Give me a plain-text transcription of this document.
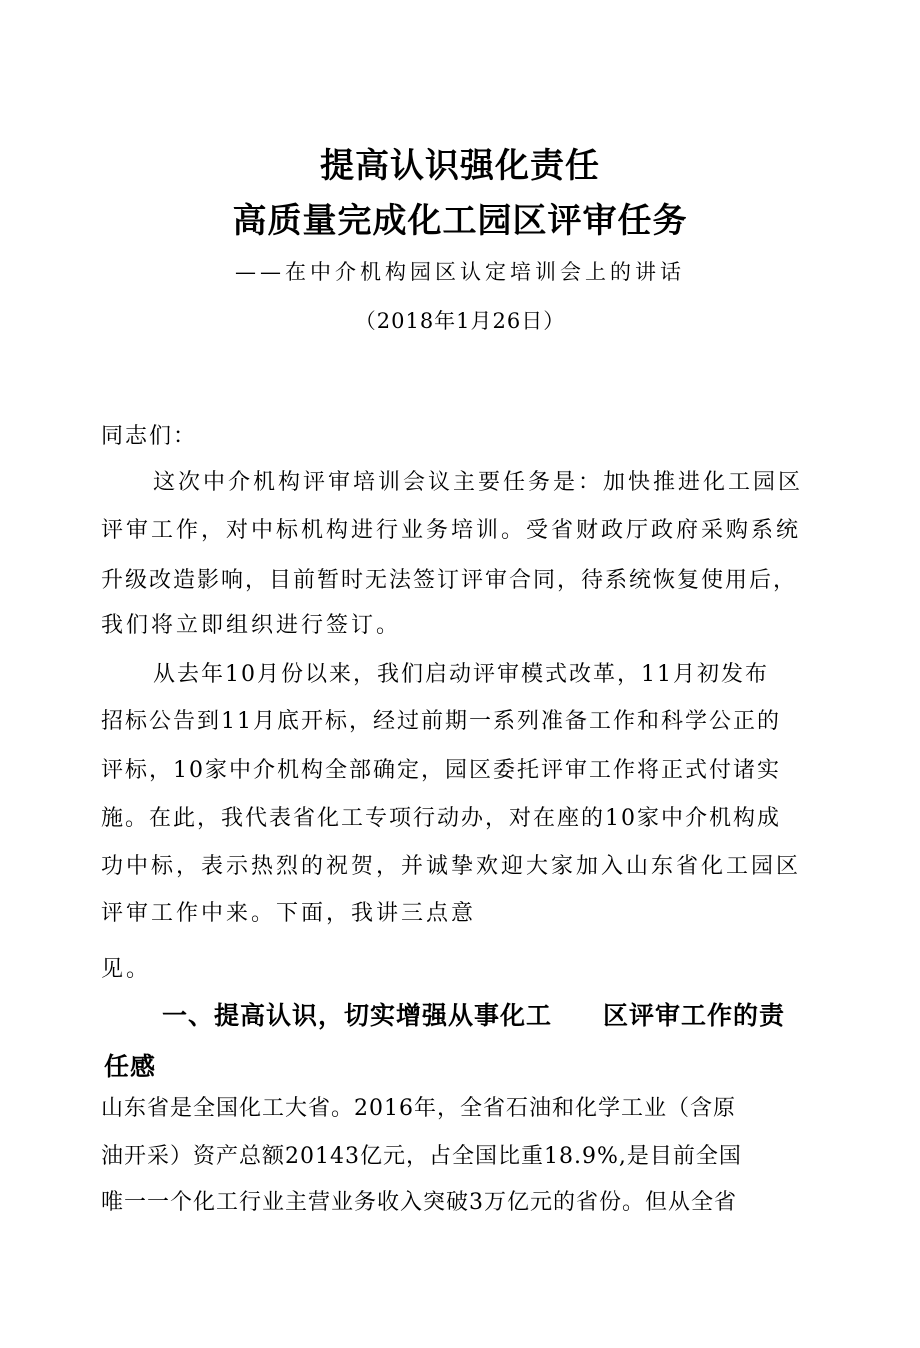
提高认识强化责任
高质量完成化工园区评审任务
——在中介机构园区认定培训会上的讲话
（2018年1月26日）
同志们：
这次中介机构评审培训会议主要任务是：加快推进化工园区
评审工作，对中标机构进行业务培训。受省财政厅政府采购系统
升级改造影响，目前暂时无法签订评审合同，待系统恢复使用后，
我们将立即组织进行签订。
从去年10月份以来，我们启动评审模式改革，11月初发布
招标公告到11月底开标，经过前期一系列准备工作和科学公正的
评标，10家中介机构全部确定，园区委托评审工作将正式付诸实
施。在此，我代表省化工专项行动办，对在座的10家中介机构成
功中标，表示热烈的祝贺，并诚挚欢迎大家加入山东省化工园区
评审工作中来。下面，我讲三点意
见。
一、提高认识，切实增强从事化工 区评审工作的责
任感
山东省是全国化工大省。2016年，全省石油和化学工业（含原
油开采）资产总额20143亿元，占全国比重18.9%,是目前全国
唯一一个化工行业主营业务收入突破3万亿元的省份。但从全省
